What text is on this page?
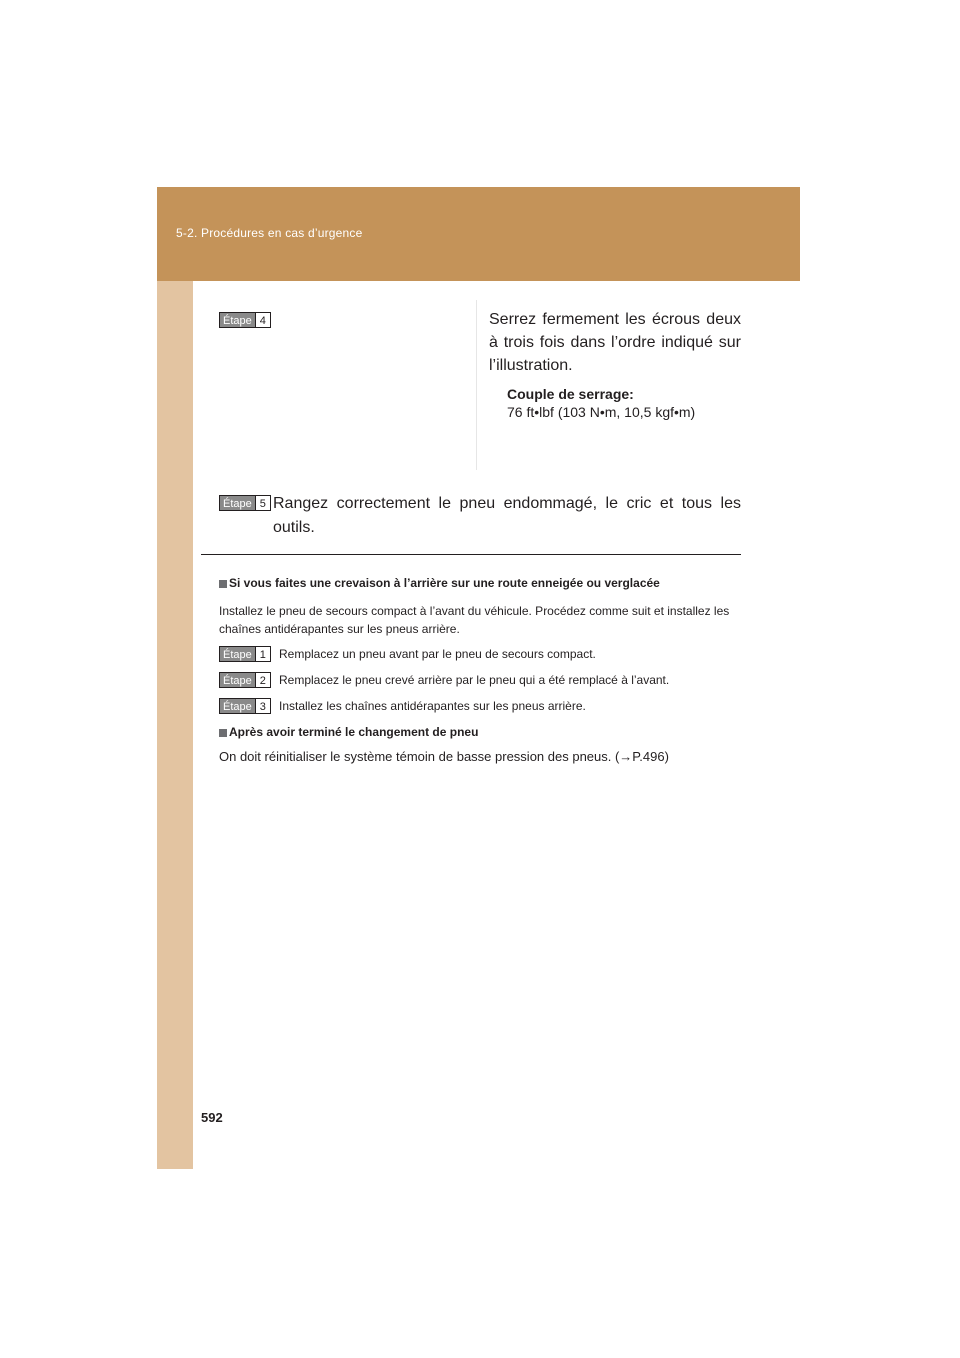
5-2. Procédures en cas d’urgence
Étape 4	Serrez fermement les écrous deux à trois fois dans l’ordre indiqué sur l’illustration.
Couple de serrage:
76 ft•lbf (103 N•m, 10,5 kgf•m)
Étape 5 Rangez correctement le pneu endommagé, le cric et tous les outils.
Si vous faites une crevaison à l’arrière sur une route enneigée ou verglacée
Installez le pneu de secours compact à l’avant du véhicule. Procédez comme suit et installez les chaînes antidérapantes sur les pneus arrière.
Étape 1	Remplacez un pneu avant par le pneu de secours compact.
Étape 2	Remplacez le pneu crevé arrière par le pneu qui a été remplacé à l’avant.
Étape 3	Installez les chaînes antidérapantes sur les pneus arrière.
Après avoir terminé le changement de pneu
On doit réinitialiser le système témoin de basse pression des pneus. (→P.496)
592
